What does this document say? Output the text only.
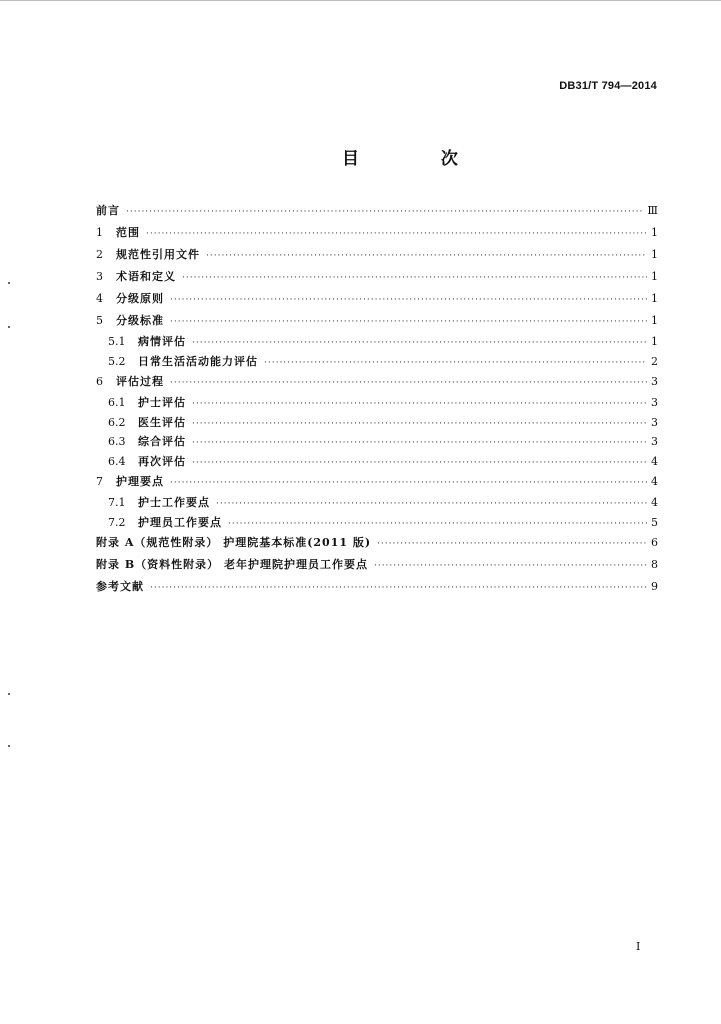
DB31/T 794—2014
目 次
前言 ·····	Ⅲ
1	范围 ·····	1
2	规范性引用文件 ·····	1
3	术语和定义 ·····	1
4	分级原则 ·····	1
5	分级标准 ·····	1
5.1	病情评估 ·····	1
5.2	日常生活活动能力评估 ·····	2
6	评估过程 ·····	3
6.1	护士评估 ·····	3
6.2	医生评估 ·····	3
6.3	综合评估 ·····	3
6.4	再次评估 ·····	4
7	护理要点 ·····	4
7.1	护士工作要点 ·····	4
7.2	护理员工作要点 ·····	5
附录 A（规范性附录） 护理院基本标准(2011 版) ·····	6
附录 B（资料性附录） 老年护理院护理员工作要点 ·····	8
参考文献 ·····	9
I
